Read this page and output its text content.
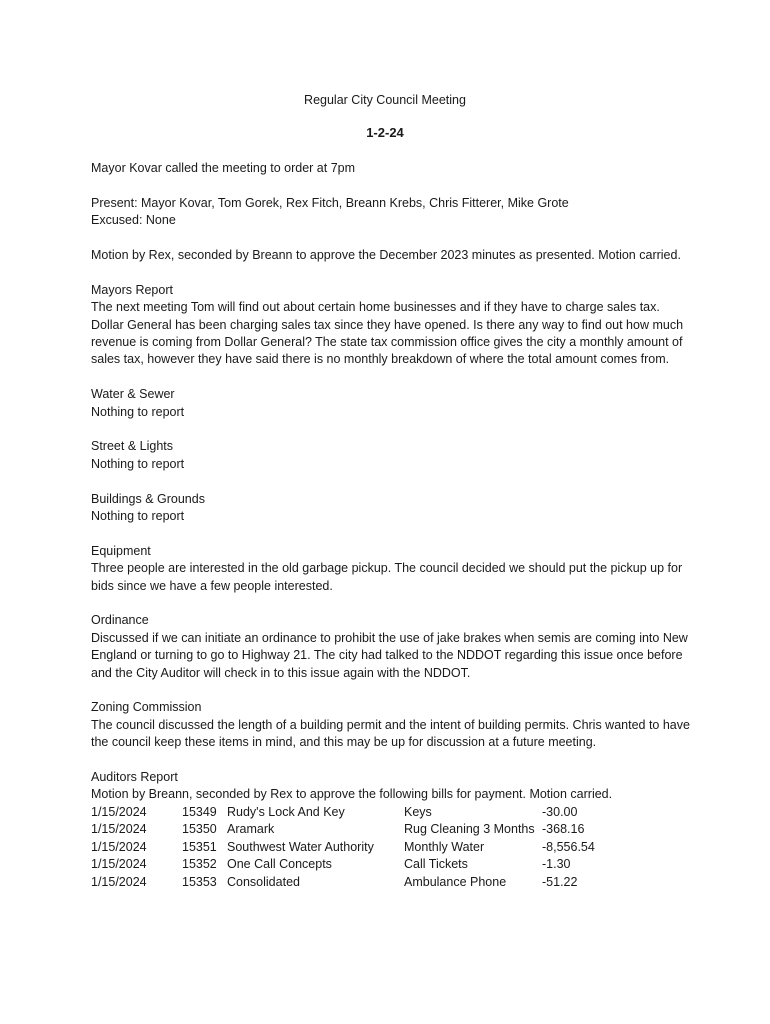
Regular City Council Meeting
1-2-24

Mayor Kovar called the meeting to order at 7pm

Present: Mayor Kovar, Tom Gorek, Rex Fitch, Breann Krebs, Chris Fitterer, Mike Grote
Excused: None

Motion by Rex, seconded by Breann to approve the December 2023 minutes as presented. Motion carried.

Mayors Report
The next meeting Tom will find out about certain home businesses and if they have to charge sales tax. Dollar General has been charging sales tax since they have opened. Is there any way to find out how much revenue is coming from Dollar General? The state tax commission office gives the city a monthly amount of sales tax, however they have said there is no monthly breakdown of where the total amount comes from.
Water & Sewer
Nothing to report
Street & Lights
Nothing to report
Buildings & Grounds
Nothing to report
Equipment
Three people are interested in the old garbage pickup. The council decided we should put the pickup up for bids since we have a few people interested.
Ordinance
Discussed if we can initiate an ordinance to prohibit the use of jake brakes when semis are coming into New England or turning to go to Highway 21. The city had talked to the NDDOT regarding this issue once before and the City Auditor will check in to this issue again with the NDDOT.
Zoning Commission
The council discussed the length of a building permit and the intent of building permits. Chris wanted to have the council keep these items in mind, and this may be up for discussion at a future meeting.
Auditors Report
Motion by Breann, seconded by Rex to approve the following bills for payment. Motion carried.
1/15/2024	15349	Rudy's Lock And Key	Keys	-30.00
1/15/2024	15350	Aramark	Rug Cleaning 3 Months	-368.16
1/15/2024	15351	Southwest Water Authority	Monthly Water	-8,556.54
1/15/2024	15352	One Call Concepts	Call Tickets	-1.30
1/15/2024	15353	Consolidated	Ambulance Phone	-51.22
